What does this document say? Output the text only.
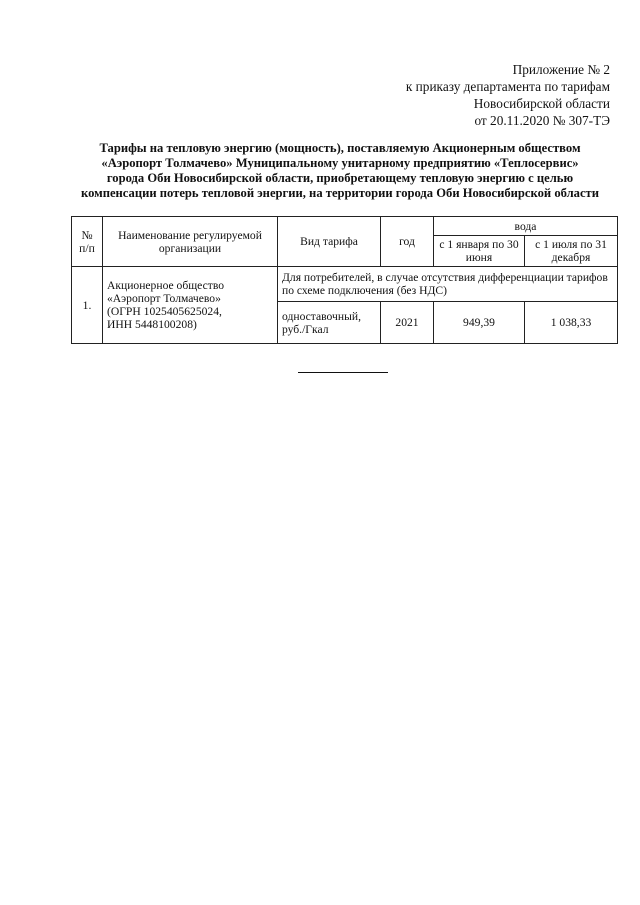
Приложение № 2
к приказу департамента по тарифам
Новосибирской области
от 20.11.2020 № 307-ТЭ
Тарифы на тепловую энергию (мощность), поставляемую Акционерным обществом
«Аэропорт Толмачево» Муниципальному унитарному предприятию «Теплосервис»
города Оби Новосибирской области, приобретающему тепловую энергию с целью
компенсации потерь тепловой энергии, на территории города Оби Новосибирской области
№ п/п	Наименование регулируемой организации	Вид тарифа	год	вода	
				с 1 января по 30 июня	с 1 июля по 31 декабря
1.	Акционерное общество
«Аэропорт Толмачево»
(ОГРН 1025405625024,
ИНН 5448100208)	Для потребителей, в случае отсутствия дифференциации тарифов по схеме подключения (без НДС)			
		одноставочный, руб./Гкал	2021	949,39	1 038,33
